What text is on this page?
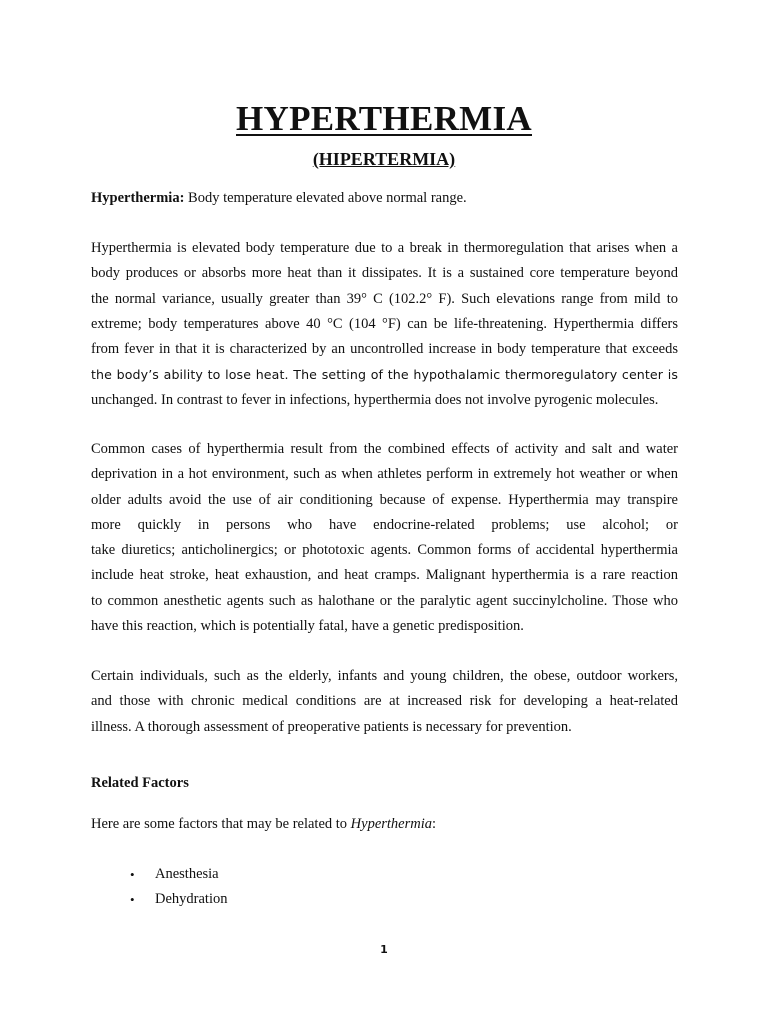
HYPERTHERMIA
(HIPERTERMIA)
Hyperthermia: Body temperature elevated above normal range.
Hyperthermia is elevated body temperature due to a break in thermoregulation that arises when a
body produces or absorbs more heat than it dissipates. It is a sustained core temperature beyond
the normal variance, usually greater than 39° C (102.2° F). Such elevations range from mild to
extreme; body temperatures above 40 °C (104 °F) can be life-threatening. Hyperthermia differs
from fever in that it is characterized by an uncontrolled increase in body temperature that exceeds
the body’s ability to lose heat. The setting of the hypothalamic thermoregulatory center is
unchanged. In contrast to fever in infections, hyperthermia does not involve pyrogenic molecules.
Common cases of hyperthermia result from the combined effects of activity and salt and water
deprivation in a hot environment, such as when athletes perform in extremely hot weather or when
older adults avoid the use of air conditioning because of expense. Hyperthermia may transpire
more quickly in persons who have endocrine-related problems; use alcohol; or
take diuretics; anticholinergics; or phototoxic agents. Common forms of accidental hyperthermia
include heat stroke, heat exhaustion, and heat cramps. Malignant hyperthermia is a rare reaction
to common anesthetic agents such as halothane or the paralytic agent succinylcholine. Those who
have this reaction, which is potentially fatal, have a genetic predisposition.
Certain individuals, such as the elderly, infants and young children, the obese, outdoor workers,
and those with chronic medical conditions are at increased risk for developing a heat-related
illness. A thorough assessment of preoperative patients is necessary for prevention.
Related Factors
Here are some factors that may be related to Hyperthermia:
• Anesthesia
• Dehydration
1
